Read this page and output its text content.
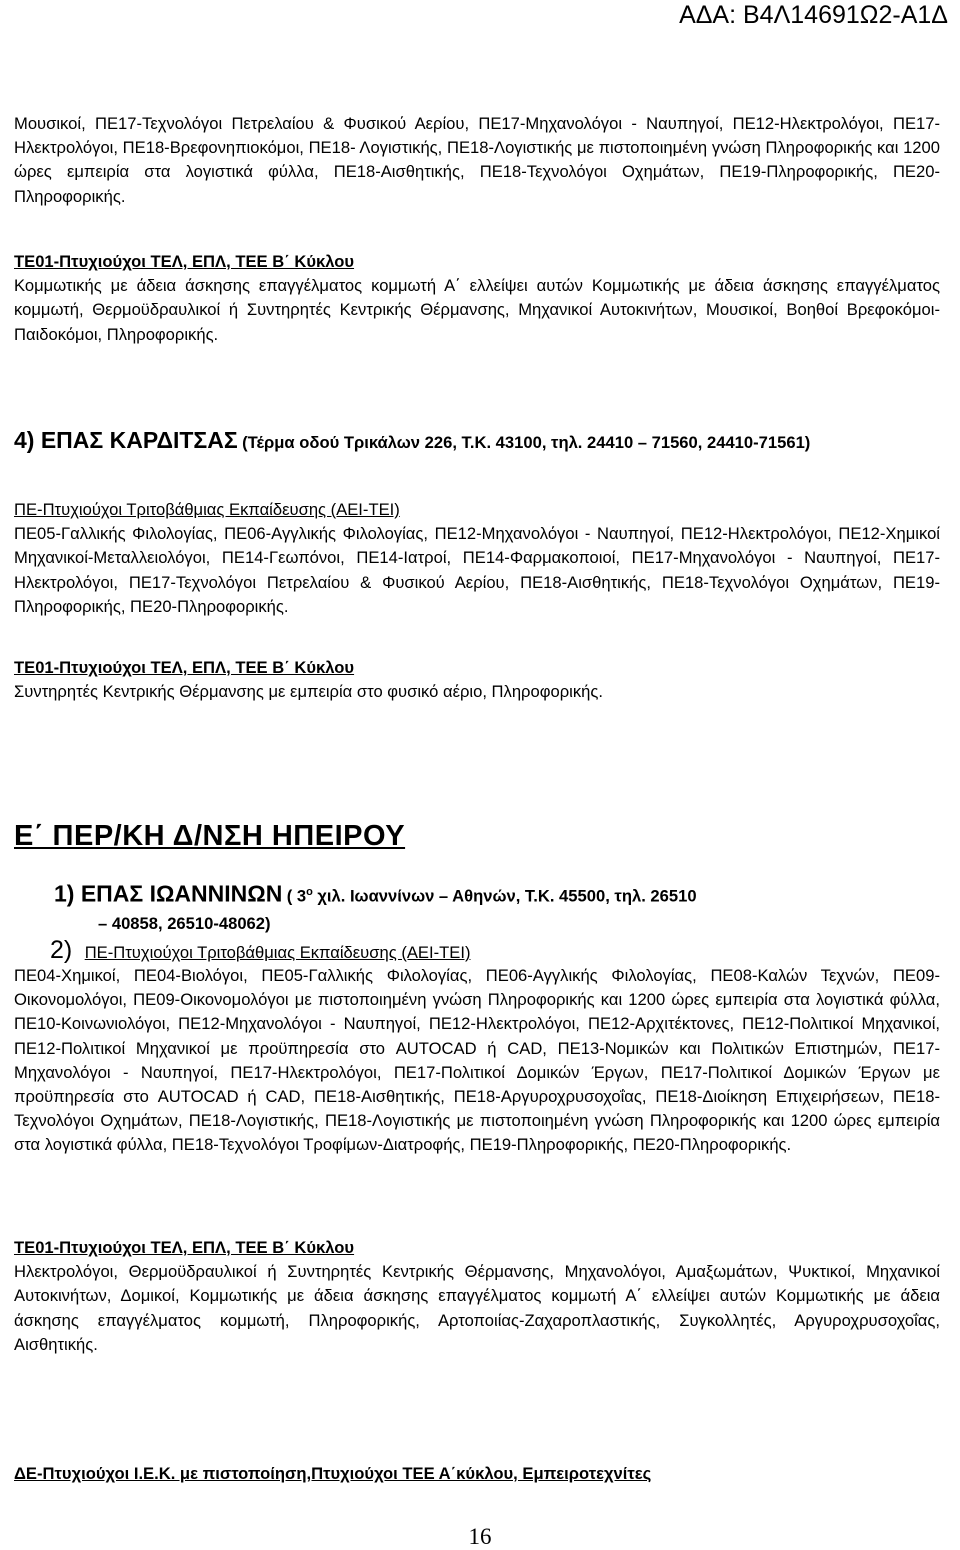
ΑΔΑ: Β4Λ14691Ω2-Α1Δ

Μουσικοί, ΠΕ17-Τεχνολόγοι Πετρελαίου & Φυσικού Αερίου, ΠΕ17-Μηχανολόγοι - Ναυπηγοί, ΠΕ12-Ηλεκτρολόγοι, ΠΕ17-Ηλεκτρολόγοι, ΠΕ18-Βρεφονηπιοκόμοι, ΠΕ18- Λογιστικής, ΠΕ18-Λογιστικής με πιστοποιημένη γνώση Πληροφορικής και 1200 ώρες εμπειρία στα λογιστικά φύλλα, ΠΕ18-Αισθητικής, ΠΕ18-Τεχνολόγοι Οχημάτων, ΠΕ19-Πληροφορικής, ΠΕ20-Πληροφορικής.

ΤΕ01-Πτυχιούχοι ΤΕΛ, ΕΠΛ, ΤΕΕ Β΄ Κύκλου

Κομμωτικής με άδεια άσκησης επαγγέλματος κομμωτή Α΄ ελλείψει αυτών Κομμωτικής με άδεια άσκησης επαγγέλματος κομμωτή, Θερμοϋδραυλικοί ή Συντηρητές Κεντρικής Θέρμανσης, Μηχανικοί Αυτοκινήτων, Μουσικοί, Βοηθοί Βρεφοκόμοι-Παιδοκόμοι, Πληροφορικής.

4) ΕΠΑΣ ΚΑΡΔΙΤΣΑΣ (Τέρμα οδού Τρικάλων 226, Τ.Κ. 43100, τηλ. 24410 – 71560, 24410-71561)
ΠΕ-Πτυχιούχοι Τριτοβάθμιας Εκπαίδευσης (ΑΕΙ-ΤΕΙ)

ΠΕ05-Γαλλικής Φιλολογίας, ΠΕ06-Αγγλικής Φιλολογίας, ΠΕ12-Μηχανολόγοι - Ναυπηγοί, ΠΕ12-Ηλεκτρολόγοι, ΠΕ12-Χημικοί Μηχανικοί-Μεταλλειολόγοι, ΠΕ14-Γεωπόνοι, ΠΕ14-Ιατροί, ΠΕ14-Φαρμακοποιοί, ΠΕ17-Μηχανολόγοι - Ναυπηγοί, ΠΕ17-Ηλεκτρολόγοι, ΠΕ17-Τεχνολόγοι Πετρελαίου & Φυσικού Αερίου, ΠΕ18-Αισθητικής, ΠΕ18-Τεχνολόγοι Οχημάτων, ΠΕ19-Πληροφορικής, ΠΕ20-Πληροφορικής.

ΤΕ01-Πτυχιούχοι ΤΕΛ, ΕΠΛ, ΤΕΕ Β΄ Κύκλου

Συντηρητές Κεντρικής Θέρμανσης με εμπειρία στο φυσικό αέριο, Πληροφορικής.

Ε΄ ΠΕΡ/ΚΗ Δ/ΝΣΗ ΗΠΕΙΡΟΥ
1) ΕΠΑΣ ΙΩΑΝΝΙΝΩΝ ( $3^o$ χιλ. Ιωαννίνων – Αθηνών, Τ.Κ. 45500, τηλ. 26510
– 40858, 26510-48062)
2) ΠΕ-Πτυχιούχοι Τριτοβάθμιας Εκπαίδευσης (ΑΕΙ-ΤΕΙ)

ΠΕ04-Χημικοί, ΠΕ04-Βιολόγοι, ΠΕ05-Γαλλικής Φιλολογίας, ΠΕ06-Αγγλικής Φιλολογίας, ΠΕ08-Καλών Τεχνών, ΠΕ09-Οικονομολόγοι, ΠΕ09-Οικονομολόγοι με πιστοποιημένη γνώση Πληροφορικής και 1200 ώρες εμπειρία στα λογιστικά φύλλα, ΠΕ10-Κοινωνιολόγοι, ΠΕ12-Μηχανολόγοι - Ναυπηγοί, ΠΕ12-Ηλεκτρολόγοι, ΠΕ12-Αρχιτέκτονες, ΠΕ12-Πολιτικοί Μηχανικοί, ΠΕ12-Πολιτικοί Μηχανικοί με προϋπηρεσία στο AUTOCAD ή CAD, ΠΕ13-Νομικών και Πολιτικών Επιστημών, ΠΕ17-Μηχανολόγοι - Ναυπηγοί, ΠΕ17-Ηλεκτρολόγοι, ΠΕ17-Πολιτικοί Δομικών Έργων, ΠΕ17-Πολιτικοί Δομικών Έργων με προϋπηρεσία στο AUTOCAD ή CAD, ΠΕ18-Αισθητικής, ΠΕ18-Αργυροχρυσοχοΐας, ΠΕ18-Διοίκηση Επιχειρήσεων, ΠΕ18-Τεχνολόγοι Οχημάτων, ΠΕ18-Λογιστικής, ΠΕ18-Λογιστικής με πιστοποιημένη γνώση Πληροφορικής και 1200 ώρες εμπειρία στα λογιστικά φύλλα, ΠΕ18-Τεχνολόγοι Τροφίμων-Διατροφής, ΠΕ19-Πληροφορικής, ΠΕ20-Πληροφορικής.

ΤΕ01-Πτυχιούχοι ΤΕΛ, ΕΠΛ, ΤΕΕ Β΄ Κύκλου

Ηλεκτρολόγοι, Θερμοϋδραυλικοί ή Συντηρητές Κεντρικής Θέρμανσης, Μηχανολόγοι, Αμαξωμάτων, Ψυκτικοί, Μηχανικοί Αυτοκινήτων, Δομικοί, Κομμωτικής με άδεια άσκησης επαγγέλματος κομμωτή Α΄ ελλείψει αυτών Κομμωτικής με άδεια άσκησης επαγγέλματος κομμωτή, Πληροφορικής, Αρτοποιίας-Ζαχαροπλαστικής, Συγκολλητές, Αργυροχρυσοχοΐας, Αισθητικής.

ΔΕ-Πτυχιούχοι Ι.Ε.Κ. με πιστοποίηση,Πτυχιούχοι ΤΕΕ Α΄κύκλου, Εμπειροτεχνίτες
16
